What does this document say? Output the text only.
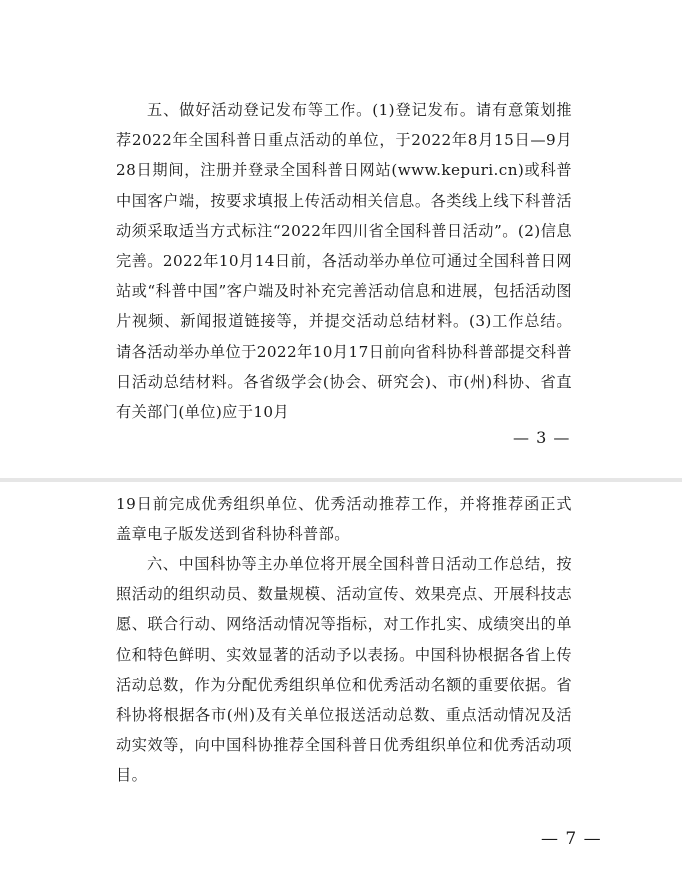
五、做好活动登记发布等工作。(1)登记发布。请有意策划推荐2022年全国科普日重点活动的单位，于2022年8月15日—9月28日期间，注册并登录全国科普日网站(www.kepuri.cn)或科普中国客户端，按要求填报上传活动相关信息。各类线上线下科普活动须采取适当方式标注“2022年四川省全国科普日活动”。(2)信息完善。2022年10月14日前，各活动举办单位可通过全国科普日网站或“科普中国”客户端及时补充完善活动信息和进展，包括活动图片视频、新闻报道链接等，并提交活动总结材料。(3)工作总结。请各活动举办单位于2022年10月17日前向省科协科普部提交科普日活动总结材料。各省级学会(协会、研究会)、市(州)科协、省直有关部门(单位)应于10月

— 3 —

19日前完成优秀组织单位、优秀活动推荐工作，并将推荐函正式盖章电子版发送到省科协科普部。

六、中国科协等主办单位将开展全国科普日活动工作总结，按照活动的组织动员、数量规模、活动宣传、效果亮点、开展科技志愿、联合行动、网络活动情况等指标，对工作扎实、成绩突出的单位和特色鲜明、实效显著的活动予以表扬。中国科协根据各省上传活动总数，作为分配优秀组织单位和优秀活动名额的重要依据。省科协将根据各市(州)及有关单位报送活动总数、重点活动情况及活动实效等，向中国科协推荐全国科普日优秀组织单位和优秀活动项目。

— 7 —
